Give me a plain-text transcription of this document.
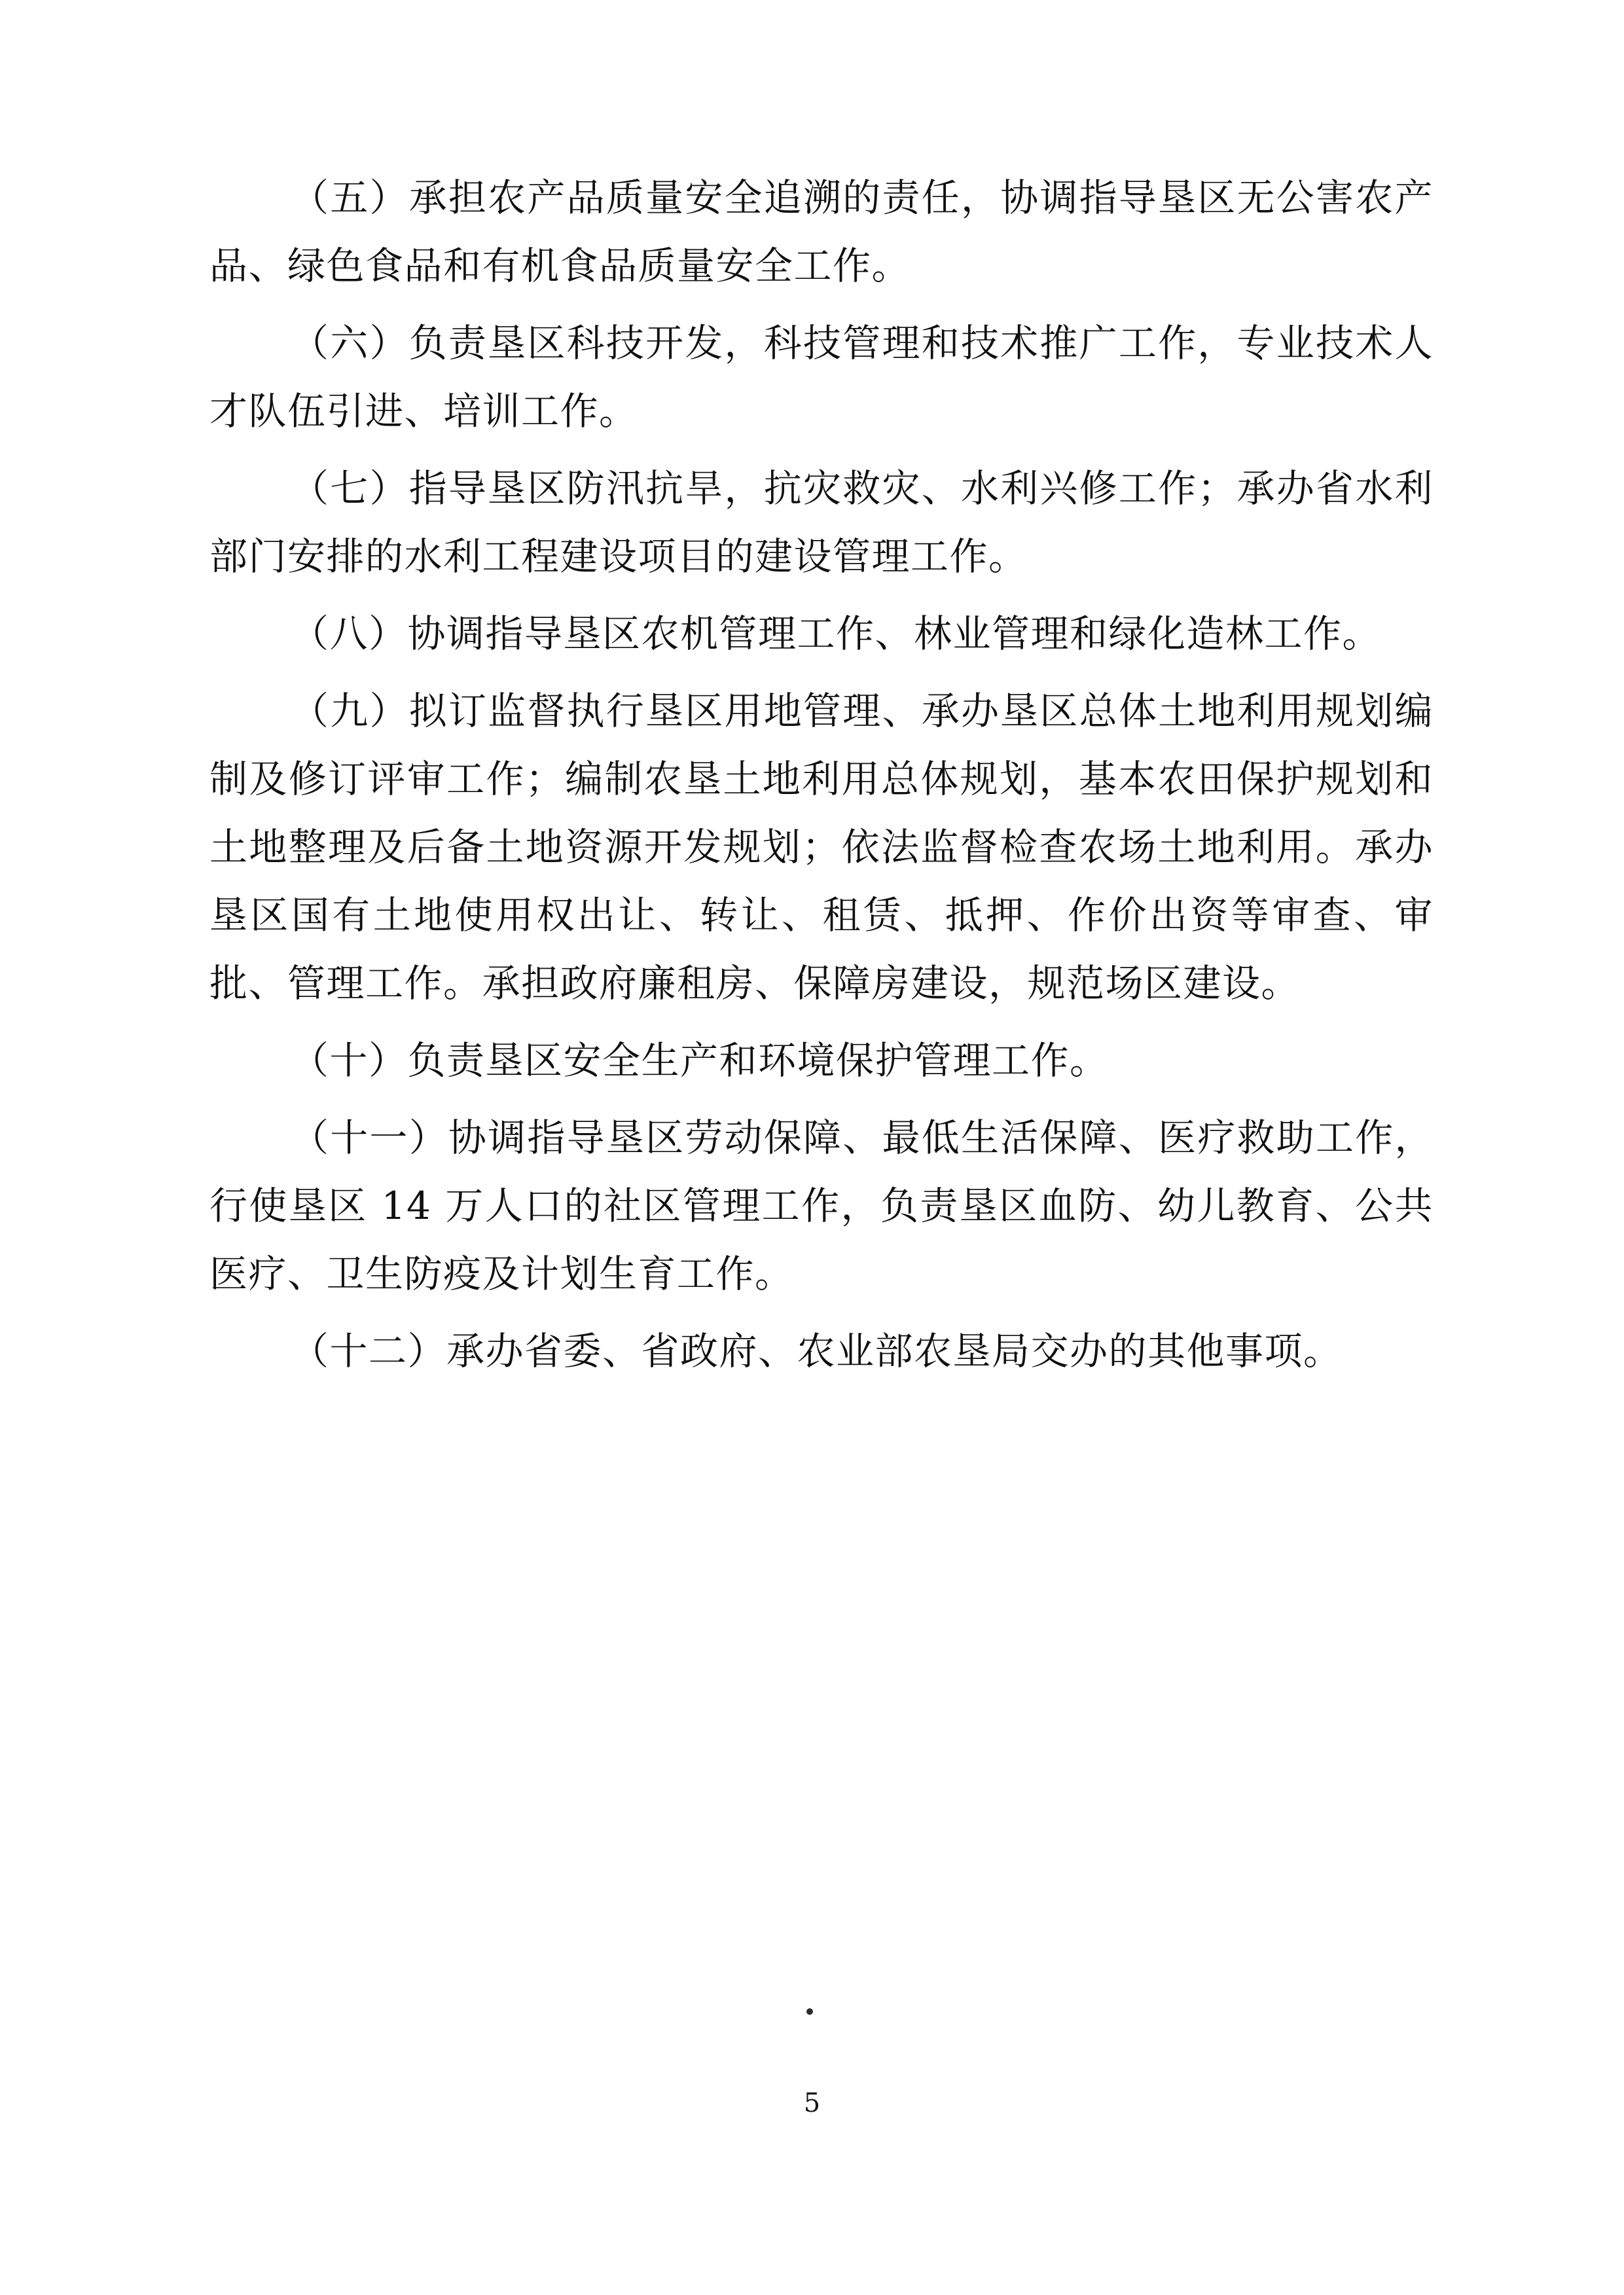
（五）承担农产品质量安全追溯的责任，协调指导垦区无公害农产品、绿色食品和有机食品质量安全工作。

（六）负责垦区科技开发，科技管理和技术推广工作，专业技术人才队伍引进、培训工作。

（七）指导垦区防汛抗旱，抗灾救灾、水利兴修工作；承办省水利部门安排的水利工程建设项目的建设管理工作。

（八）协调指导垦区农机管理工作、林业管理和绿化造林工作。

（九）拟订监督执行垦区用地管理、承办垦区总体土地利用规划编制及修订评审工作；编制农垦土地利用总体规划，基本农田保护规划和土地整理及后备土地资源开发规划；依法监督检查农场土地利用。承办垦区国有土地使用权出让、转让、租赁、抵押、作价出资等审查、审批、管理工作。承担政府廉租房、保障房建设，规范场区建设。

（十）负责垦区安全生产和环境保护管理工作。

（十一）协调指导垦区劳动保障、最低生活保障、医疗救助工作，行使垦区 14 万人口的社区管理工作，负责垦区血防、幼儿教育、公共医疗、卫生防疫及计划生育工作。

（十二）承办省委、省政府、农业部农垦局交办的其他事项。

5
